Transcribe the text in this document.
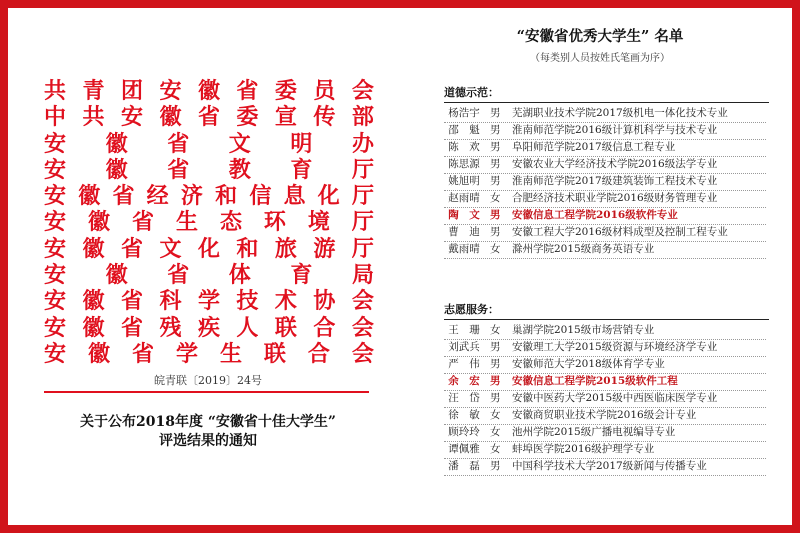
共 青 团 安 徽 省 委 员 会
中 共 安 徽 省 委 宣 传 部
安 徽 省 文 明 办
安 徽 省 教 育 厅
安 徽 省 经 济 和 信 息 化 厅
安 徽 省 生 态 环 境 厅
安 徽 省 文 化 和 旅 游 厅
安 徽 省 体 育 局
安 徽 省 科 学 技 术 协 会
安 徽 省 残 疾 人 联 合 会
安 徽 省 学 生 联 合 会
皖青联〔2019〕24号
关于公布2018年度 “安徽省十佳大学生”
评选结果的通知
“安徽省优秀大学生” 名单
（每类别人员按姓氏笔画为序）
道德示范：
杨浩宇 男	芜湖职业技术学院2017级机电一体化技术专业
邵　魁 男	淮南师范学院2016级计算机科学与技术专业
陈　欢 男	阜阳师范学院2017级信息工程专业
陈思源 男	安徽农业大学经济技术学院2016级法学专业
姚旭明 男	淮南师范学院2017级建筑装饰工程技术专业
赵雨晴 女	合肥经济技术职业学院2016级财务管理专业
陶　文 男	安徽信息工程学院2016级软件专业
曹　迪 男	安徽工程大学2016级材料成型及控制工程专业
戴雨晴 女	滁州学院2015级商务英语专业
志愿服务：
王　珊 女	巢湖学院2015级市场营销专业
刘武兵 男	安徽理工大学2015级资源与环境经济学专业
严　伟 男	安徽师范大学2018级体育学专业
余　宏 男	安徽信息工程学院2015级软件工程
汪　岱 男	安徽中医药大学2015级中西医临床医学专业
徐　敏 女	安徽商贸职业技术学院2016级会计专业
顾玲玲 女	池州学院2015级广播电视编导专业
谭佩雅 女	蚌埠医学院2016级护理学专业
潘　磊 男	中国科学技术大学2017级新闻与传播专业
